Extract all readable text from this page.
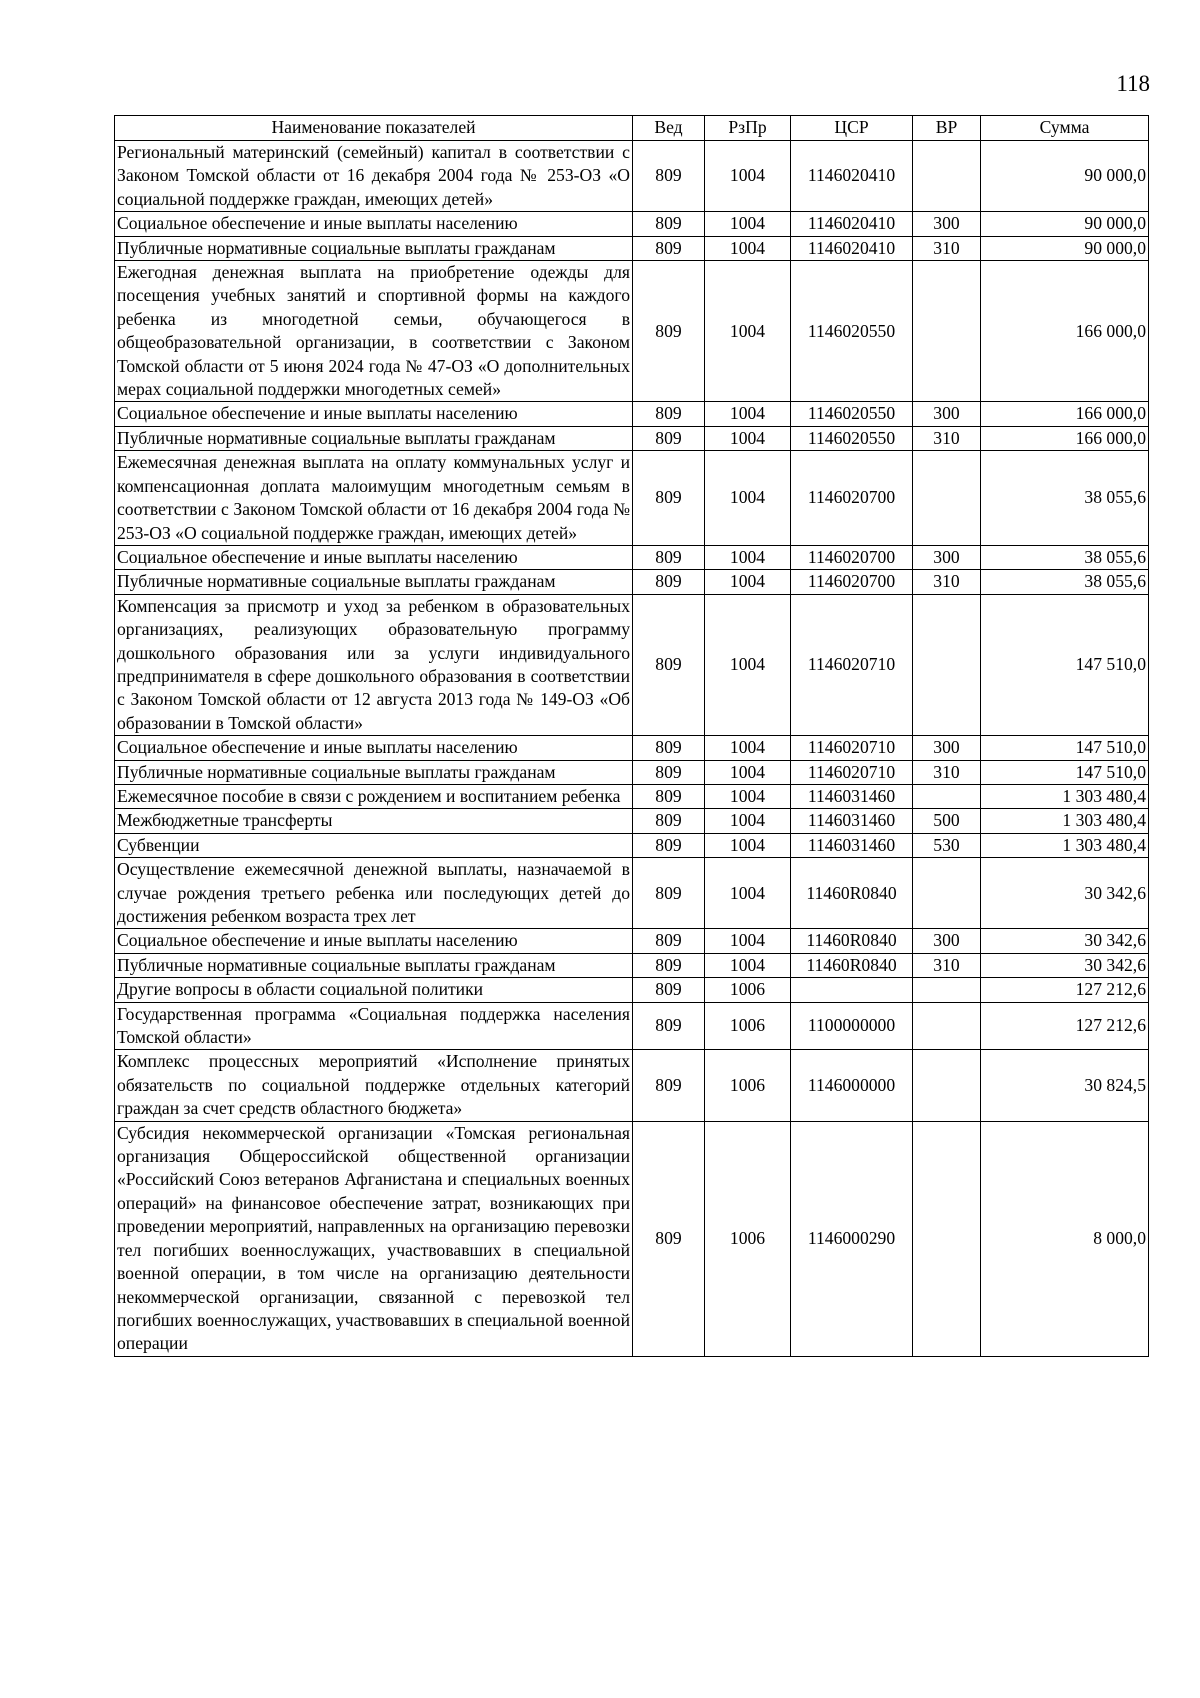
118
Наименование показателей	Вед	РзПр	ЦСР	ВР	Сумма
Региональный материнский (семейный) капитал в соответствии с Законом Томской области от 16 декабря 2004 года № 253-ОЗ «О социальной поддержке граждан, имеющих детей»	809	1004	1146020410		90 000,0
Социальное обеспечение и иные выплаты населению	809	1004	1146020410	300	90 000,0
Публичные нормативные социальные выплаты гражданам	809	1004	1146020410	310	90 000,0
Ежегодная денежная выплата на приобретение одежды для посещения учебных занятий и спортивной формы на каждого ребенка из многодетной семьи, обучающегося в общеобразовательной организации, в соответствии с Законом Томской области от 5 июня 2024 года № 47-ОЗ «О дополнительных мерах социальной поддержки многодетных семей»	809	1004	1146020550		166 000,0
Социальное обеспечение и иные выплаты населению	809	1004	1146020550	300	166 000,0
Публичные нормативные социальные выплаты гражданам	809	1004	1146020550	310	166 000,0
Ежемесячная денежная выплата на оплату коммунальных услуг и компенсационная доплата малоимущим многодетным семьям в соответствии с Законом Томской области от 16 декабря 2004 года № 253-ОЗ «О социальной поддержке граждан, имеющих детей»	809	1004	1146020700		38 055,6
Социальное обеспечение и иные выплаты населению	809	1004	1146020700	300	38 055,6
Публичные нормативные социальные выплаты гражданам	809	1004	1146020700	310	38 055,6
Компенсация за присмотр и уход за ребенком в образовательных организациях, реализующих образовательную программу дошкольного образования или за услуги индивидуального предпринимателя в сфере дошкольного образования в соответствии с Законом Томской области от 12 августа 2013 года № 149-ОЗ «Об образовании в Томской области»	809	1004	1146020710		147 510,0
Социальное обеспечение и иные выплаты населению	809	1004	1146020710	300	147 510,0
Публичные нормативные социальные выплаты гражданам	809	1004	1146020710	310	147 510,0
Ежемесячное пособие в связи с рождением и воспитанием ребенка	809	1004	1146031460		1 303 480,4
Межбюджетные трансферты	809	1004	1146031460	500	1 303 480,4
Субвенции	809	1004	1146031460	530	1 303 480,4
Осуществление ежемесячной денежной выплаты, назначаемой в случае рождения третьего ребенка или последующих детей до достижения ребенком возраста трех лет	809	1004	11460R0840		30 342,6
Социальное обеспечение и иные выплаты населению	809	1004	11460R0840	300	30 342,6
Публичные нормативные социальные выплаты гражданам	809	1004	11460R0840	310	30 342,6
Другие вопросы в области социальной политики	809	1006			127 212,6
Государственная программа «Социальная поддержка населения Томской области»	809	1006	1100000000		127 212,6
Комплекс процессных мероприятий «Исполнение принятых обязательств по социальной поддержке отдельных категорий граждан за счет средств областного бюджета»	809	1006	1146000000		30 824,5
Субсидия некоммерческой организации «Томская региональная организация Общероссийской общественной организации «Российский Союз ветеранов Афганистана и специальных военных операций» на финансовое обеспечение затрат, возникающих при проведении мероприятий, направленных на организацию перевозки тел погибших военнослужащих, участвовавших в специальной военной операции, в том числе на организацию деятельности некоммерческой организации, связанной с перевозкой тел погибших военнослужащих, участвовавших в специальной военной операции	809	1006	1146000290		8 000,0
